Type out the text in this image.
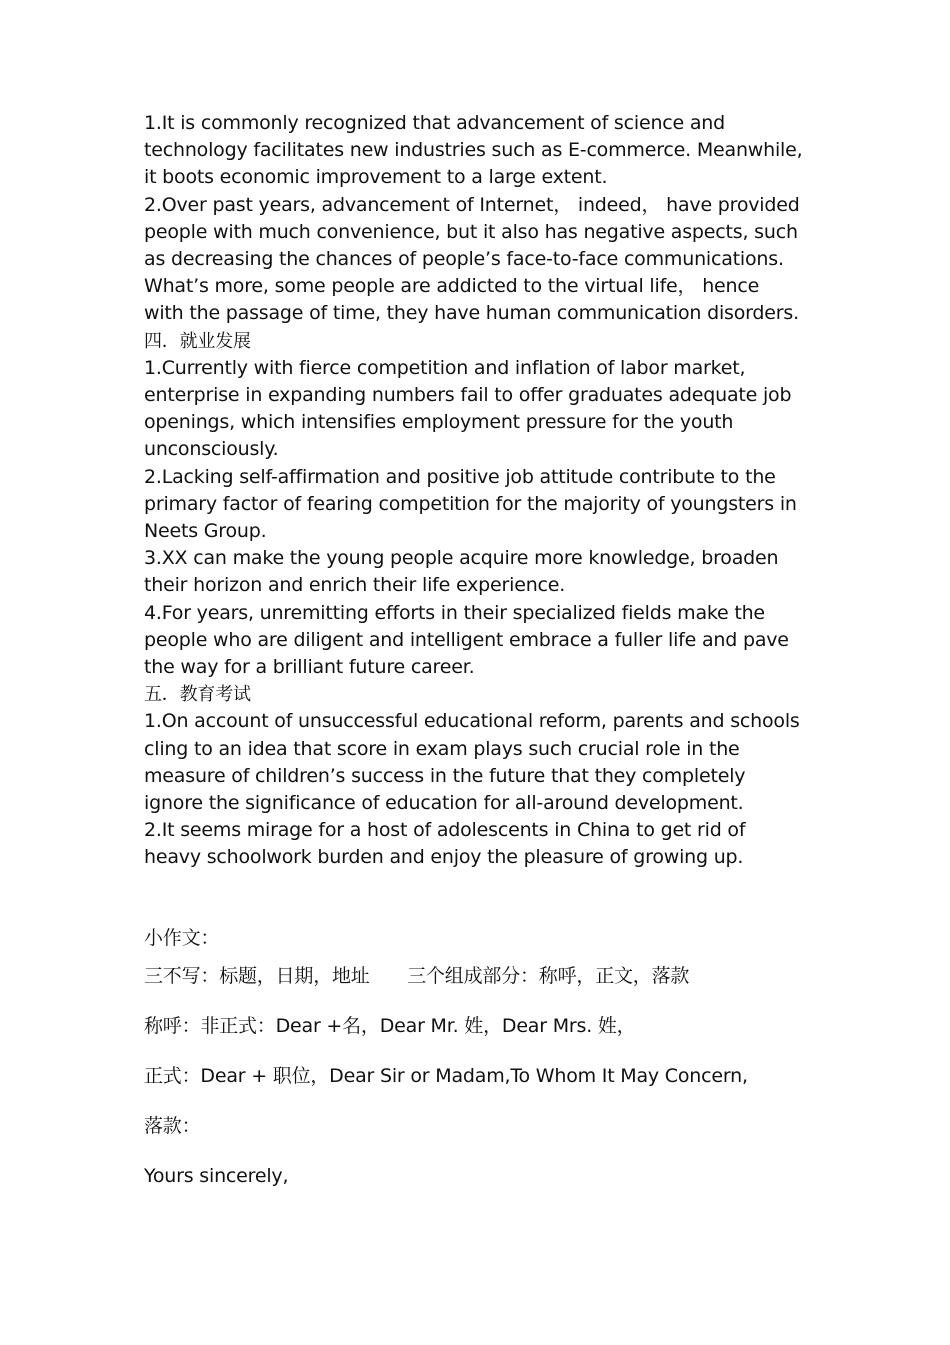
1.It is commonly recognized that advancement of science and technology facilitates new industries such as E-commerce. Meanwhile, it boots economic improvement to a large extent.

2.Over past years, advancement of Internet， indeed， have provided people with much convenience, but it also has negative aspects, such as decreasing the chances of people’s face-to-face communications. What’s more, some people are addicted to the virtual life， hence with the passage of time, they have human communication disorders.

四．就业发展

1.Currently with fierce competition and inflation of labor market, enterprise in expanding numbers fail to offer graduates adequate job openings, which intensifies employment pressure for the youth unconsciously.

2.Lacking self-affirmation and positive job attitude contribute to the primary factor of fearing competition for the majority of youngsters in Neets Group.

3.XX can make the young people acquire more knowledge, broaden their horizon and enrich their life experience.

4.For years, unremitting efforts in their specialized fields make the people who are diligent and intelligent embrace a fuller life and pave the way for a brilliant future career.

五．教育考试

1.On account of unsuccessful educational reform, parents and schools cling to an idea that score in exam plays such crucial role in the measure of children’s success in the future that they completely ignore the significance of education for all-around development.

2.It seems mirage for a host of adolescents in China to get rid of heavy schoolwork burden and enjoy the pleasure of growing up.

小作文：

三不写：标题，日期，地址　　三个组成部分：称呼，正文，落款

称呼：非正式：Dear +名，Dear Mr. 姓，Dear Mrs. 姓，

正式：Dear + 职位，Dear Sir or Madam,To Whom It May Concern,

落款：

Yours sincerely,
